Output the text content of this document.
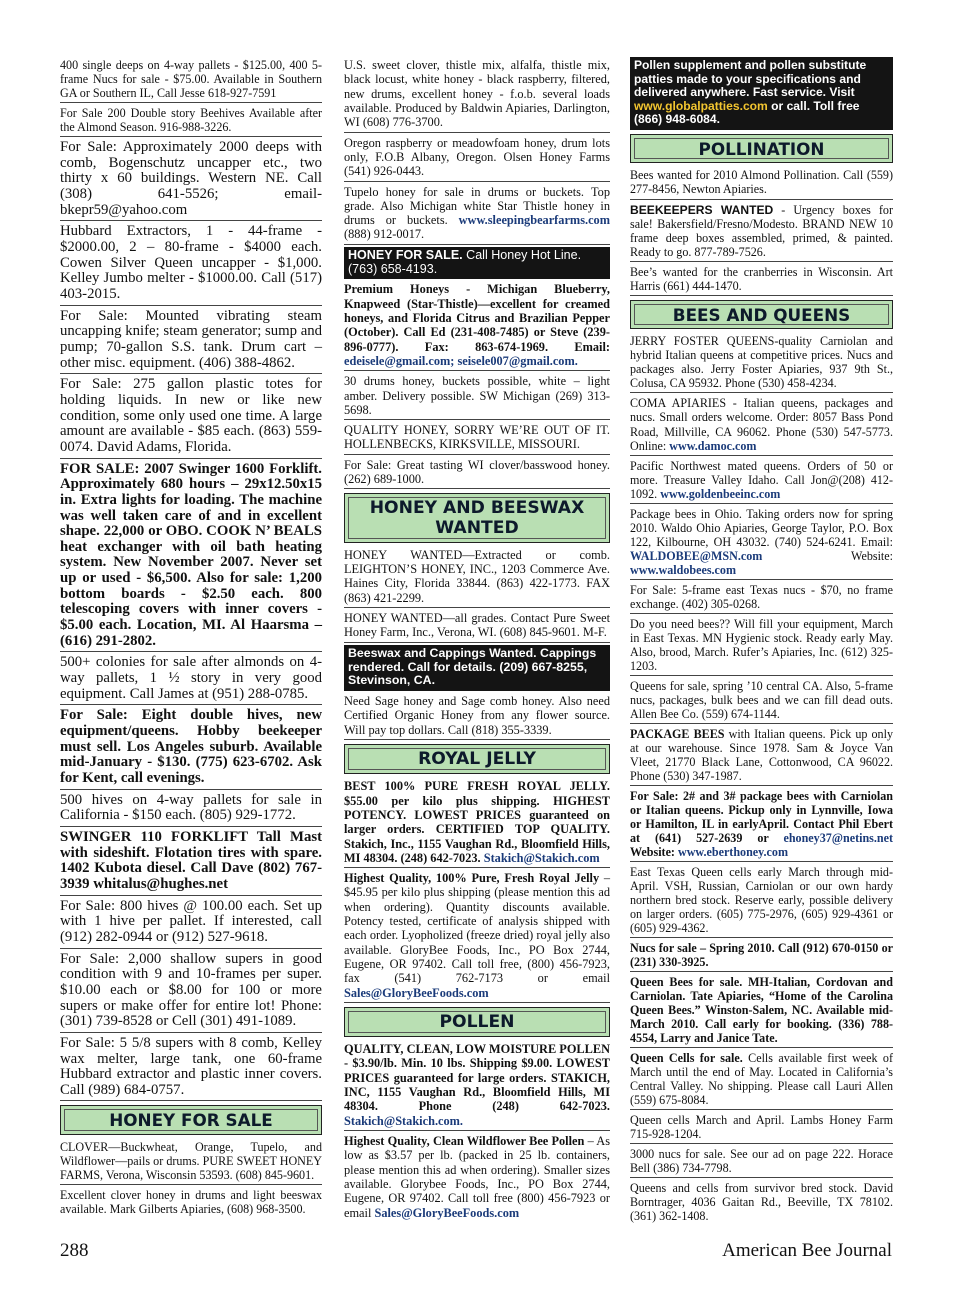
400 single deeps on 4-way pallets - $125.00, 400 5-frame Nucs for sale - $75.00. Available in Southern GA or Southern IL, Call Jesse 618-927-7591
For Sale 200 Double story Beehives Available after the Almond Season. 916-988-3226.
For Sale: Approximately 2000 deeps with comb, Bogenschutz uncapper etc., two thirty x 60 buildings. Western NE. Call (308) 641-5526; email-bkepr59@yahoo.com
Hubbard Extractors, 1 - 44-frame - $2000.00, 2 – 80-frame - $4000 each. Cowen Silver Queen uncapper - $1,000. Kelley Jumbo melter - $1000.00. Call (517) 403-2015.
For Sale: Mounted vibrating steam uncapping knife; steam generator; sump and pump; 70-gallon S.S. tank. Drum cart – other misc. equipment. (406) 388-4862.
For Sale: 275 gallon plastic totes for holding liquids. In new or like new condition, some only used one time. A large amount are available - $85 each. (863) 559-0074. David Adams, Florida.
FOR SALE: 2007 Swinger 1600 Forklift. Approximately 680 hours – 29x12.50x15 in. Extra lights for loading. The machine was well taken care of and in excellent shape. 22,000 or OBO. COOK N’ BEALS heat exchanger with oil bath heating system. New November 2007. Never set up or used - $6,500. Also for sale: 1,200 bottom boards - $2.50 each. 800 telescoping covers with inner covers - $5.00 each. Location, MI. Al Haarsma – (616) 291-2802.
500+ colonies for sale after almonds on 4-way pallets, 1 ½ story in very good equipment. Call James at (951) 288-0785.
For Sale: Eight double hives, new equipment/queens. Hobby beekeeper must sell. Los Angeles suburb. Available mid-January - $130. (775) 623-6702. Ask for Kent, call evenings.
500 hives on 4-way pallets for sale in California - $150 each. (805) 929-1772.
SWINGER 110 FORKLIFT Tall Mast with sideshift. Flotation tires with spare. 1402 Kubota diesel. Call Dave (802) 767-3939 whitalus@hughes.net
For Sale: 800 hives @ 100.00 each. Set up with 1 hive per pallet. If interested, call (912) 282-0944 or (912) 527-9618.
For Sale: 2,000 shallow supers in good condition with 9 and 10-frames per super. $10.00 each or $8.00 for 100 or more supers or make offer for entire lot! Phone: (301) 739-8528 or Cell (301) 491-1089.
For Sale: 5 5/8 supers with 8 comb, Kelley wax melter, large tank, one 60-frame Hubbard extractor and plastic inner covers. Call (989) 684-0757.
HONEY FOR SALE
CLOVER—Buckwheat, Orange, Tupelo, and Wildflower—pails or drums. PURE SWEET HONEY FARMS, Verona, Wisconsin 53593. (608) 845-9601.
Excellent clover honey in drums and light beeswax available. Mark Gilberts Apiaries, (608) 968-3500.
U.S. sweet clover, thistle mix, alfalfa, thistle mix, black locust, white honey - black raspberry, filtered, new drums, excellent honey - f.o.b. several loads available. Produced by Baldwin Apiaries, Darlington, WI (608) 776-3700.
Oregon raspberry or meadowfoam honey, drum lots only, F.O.B Albany, Oregon. Olsen Honey Farms (541) 926-0443.
Tupelo honey for sale in drums or buckets. Top grade. Also Michigan white Star Thistle honey in drums or buckets. www.sleepingbearfarms.com (888) 912-0017.
HONEY FOR SALE. Call Honey Hot Line. (763) 658-4193.
Premium Honeys - Michigan Blueberry, Knapweed (Star-Thistle)—excellent for creamed honeys, and Florida Citrus and Brazilian Pepper (October). Call Ed (231-408-7485) or Steve (239-896-0777). Fax: 863-674-1969. Email: edeisele@gmail.com; seisele007@gmail.com.
30 drums honey, buckets possible, white – light amber. Delivery possible. SW Michigan (269) 313-5698.
QUALITY HONEY, SORRY WE’RE OUT OF IT. HOLLENBECKS, KIRKSVILLE, MISSOURI.
For Sale: Great tasting WI clover/basswood honey. (262) 689-1000.
HONEY AND BEESWAX WANTED
HONEY WANTED—Extracted or comb. LEIGHTON’S HONEY, INC., 1203 Commerce Ave. Haines City, Florida 33844. (863) 422-1773. FAX (863) 421-2299.
HONEY WANTED—all grades. Contact Pure Sweet Honey Farm, Inc., Verona, WI. (608) 845-9601. M-F.
Beeswax and Cappings Wanted. Cappings rendered. Call for details. (209) 667-8255, Stevinson, CA.
Need Sage honey and Sage comb honey. Also need Certified Organic Honey from any flower source. Will pay top dollars. Call (818) 355-3339.
ROYAL JELLY
BEST 100% PURE FRESH ROYAL JELLY. $55.00 per kilo plus shipping. HIGHEST POTENCY. LOWEST PRICES guaranteed on larger orders. CERTIFIED TOP QUALITY. Stakich, Inc., 1155 Vaughan Rd., Bloomfield Hills, MI 48304. (248) 642-7023. Stakich@Stakich.com
Highest Quality, 100% Pure, Fresh Royal Jelly – $45.95 per kilo plus shipping (please mention this ad when ordering). Quantity discounts available. Potency tested, certificate of analysis shipped with each order. Lyopholized (freeze dried) royal jelly also available. GloryBee Foods, Inc., PO Box 2744, Eugene, OR 97402. Call toll free, (800) 456-7923, fax (541) 762-7173 or email Sales@GloryBeeFoods.com
POLLEN
QUALITY, CLEAN, LOW MOISTURE POLLEN - $3.90/lb. Min. 10 lbs. Shipping $9.00. LOWEST PRICES guaranteed for large orders. STAKICH, INC, 1155 Vaughan Rd., Bloomfield Hills, MI 48304. Phone (248) 642-7023. Stakich@Stakich.com.
Highest Quality, Clean Wildflower Bee Pollen – As low as $3.57 per lb. (packed in 25 lb. containers, please mention this ad when ordering). Smaller sizes available. Glorybee Foods, Inc., PO Box 2744, Eugene, OR 97402. Call toll free (800) 456-7923 or email Sales@GloryBeeFoods.com
Pollen supplement and pollen substitute patties made to your specifications and delivered anywhere. Fast service. Visit www.globalpatties.com or call. Toll free (866) 948-6084.
POLLINATION
Bees wanted for 2010 Almond Pollination. Call (559) 277-8456, Newton Apiaries.
BEEKEEPERS WANTED - Urgency boxes for sale! Bakersfield/Fresno/Modesto. BRAND NEW 10 frame deep boxes assembled, primed, & painted. Ready to go. 877-789-7526.
Bee’s wanted for the cranberries in Wisconsin. Art Harris (661) 444-1470.
BEES AND QUEENS
JERRY FOSTER QUEENS-quality Carniolan and hybrid Italian queens at competitive prices. Nucs and packages also. Jerry Foster Apiaries, 937 9th St., Colusa, CA 95932. Phone (530) 458-4234.
COMA APIARIES - Italian queens, packages and nucs. Small orders welcome. Order: 8057 Bass Pond Road, Millville, CA 96062. Phone (530) 547-5773. Online: www.damoc.com
Pacific Northwest mated queens. Orders of 50 or more. Treasure Valley Idaho. Call Jon@(208) 412-1092. www.goldenbeeinc.com
Package bees in Ohio. Taking orders now for spring 2010. Waldo Ohio Apiaries, George Taylor, P.O. Box 122, Kilbourne, OH 43032. (740) 524-6241. Email: WALDOBEE@MSN.com	Website: www.waldobees.com
For Sale: 5-frame east Texas nucs - $70, no frame exchange. (402) 305-0268.
Do you need bees?? Will fill your equipment, March in East Texas. MN Hygienic stock. Ready early May. Also, brood, March. Rufer’s Apiaries, Inc. (612) 325-1203.
Queens for sale, spring ’10 central CA. Also, 5-frame nucs, packages, bulk bees and we can fill dead outs. Allen Bee Co. (559) 674-1144.
PACKAGE BEES with Italian queens. Pick up only at our warehouse. Since 1978. Sam & Joyce Van Vleet, 21770 Black Lane, Cottonwood, CA 96022. Phone (530) 347-1987.
For Sale: 2# and 3# package bees with Carniolan or Italian queens. Pickup only in Lynnville, Iowa or Hamilton, IL in earlyApril. Contact Phil Ebert at (641) 527-2639 or ehoney37@netins.net Website: www.eberthoney.com
East Texas Queen cells early March through mid-April. VSH, Russian, Carniolan or our own hardy northern bred stock. Reserve early, possible delivery on larger orders. (605) 775-2976, (605) 929-4361 or (605) 929-4362.
Nucs for sale – Spring 2010. Call (912) 670-0150 or (231) 330-3925.
Queen Bees for sale. MH-Italian, Cordovan and Carniolan. Tate Apiaries, “Home of the Carolina Queen Bees.” Winston-Salem, NC. Available mid-March 2010. Call early for booking. (336) 788-4554, Larry and Janice Tate.
Queen Cells for sale. Cells available first week of March until the end of May. Located in California’s Central Valley. No shipping. Please call Lauri Allen (559) 675-8084.
Queen cells March and April. Lambs Honey Farm 715-928-1204.
3000 nucs for sale. See our ad on page 222. Horace Bell (386) 734-7798.
Queens and cells from survivor bred stock. David Borntrager, 4036 Gaitan Rd., Beeville, TX 78102. (361) 362-1408.
288	American Bee Journal
